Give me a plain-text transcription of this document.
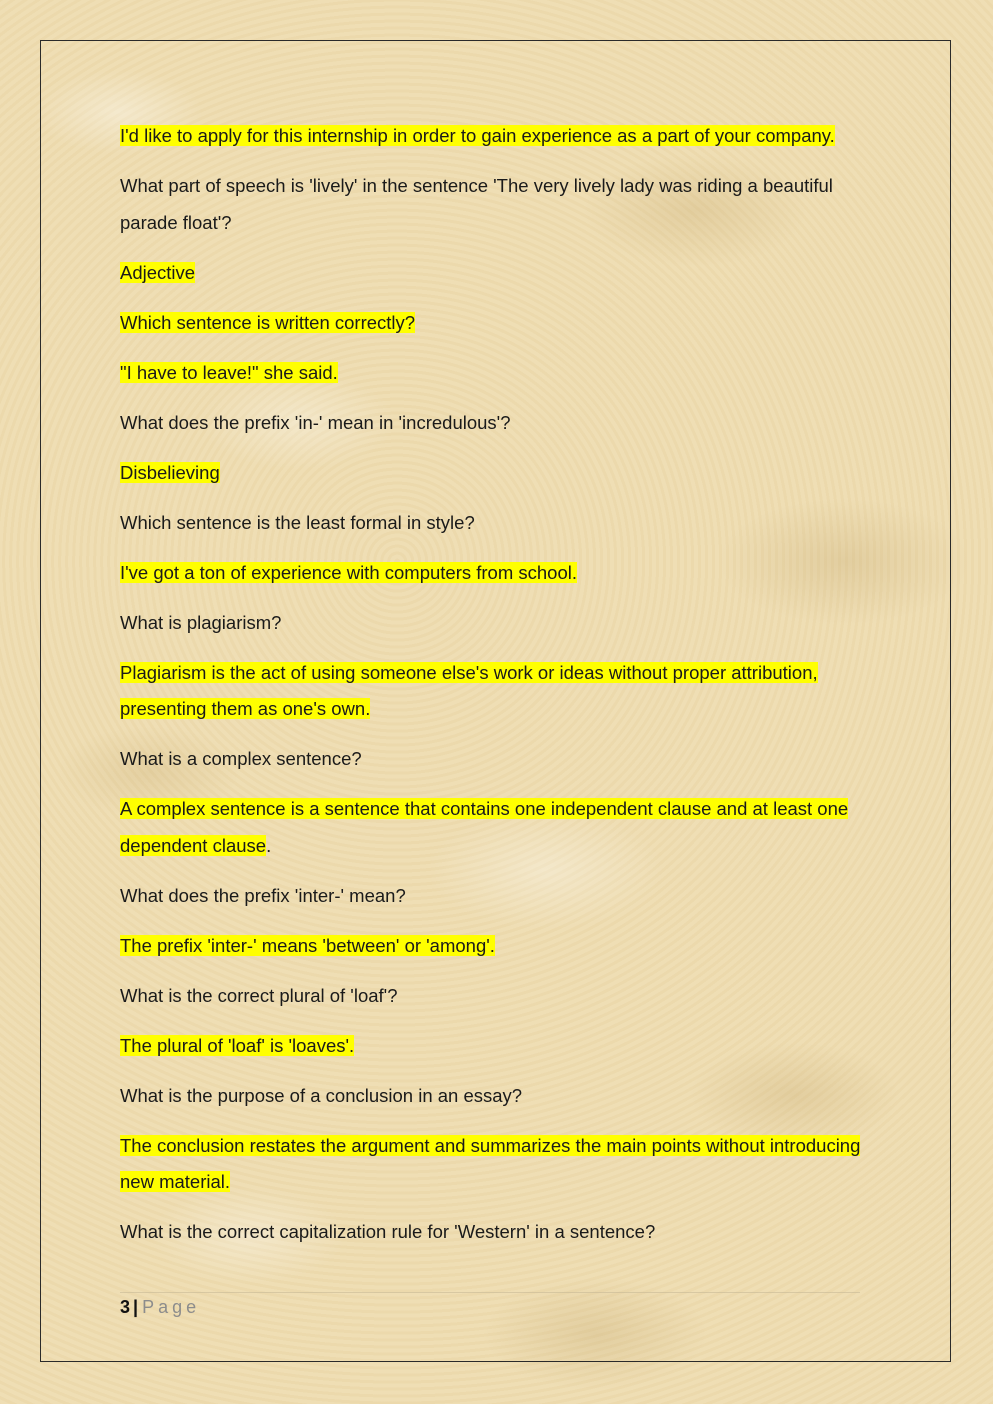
I'd like to apply for this internship in order to gain experience as a part of your company.

What part of speech is 'lively' in the sentence 'The very lively lady was riding a beautiful parade float'?

Adjective

Which sentence is written correctly?

"I have to leave!" she said.

What does the prefix 'in-' mean in 'incredulous'?

Disbelieving

Which sentence is the least formal in style?

I've got a ton of experience with computers from school.

What is plagiarism?

Plagiarism is the act of using someone else's work or ideas without proper attribution, presenting them as one's own.

What is a complex sentence?

A complex sentence is a sentence that contains one independent clause and at least one dependent clause.

What does the prefix 'inter-' mean?

The prefix 'inter-' means 'between' or 'among'.

What is the correct plural of 'loaf'?

The plural of 'loaf' is 'loaves'.

What is the purpose of a conclusion in an essay?

The conclusion restates the argument and summarizes the main points without introducing new material.

What is the correct capitalization rule for 'Western' in a sentence?

3 | Page
